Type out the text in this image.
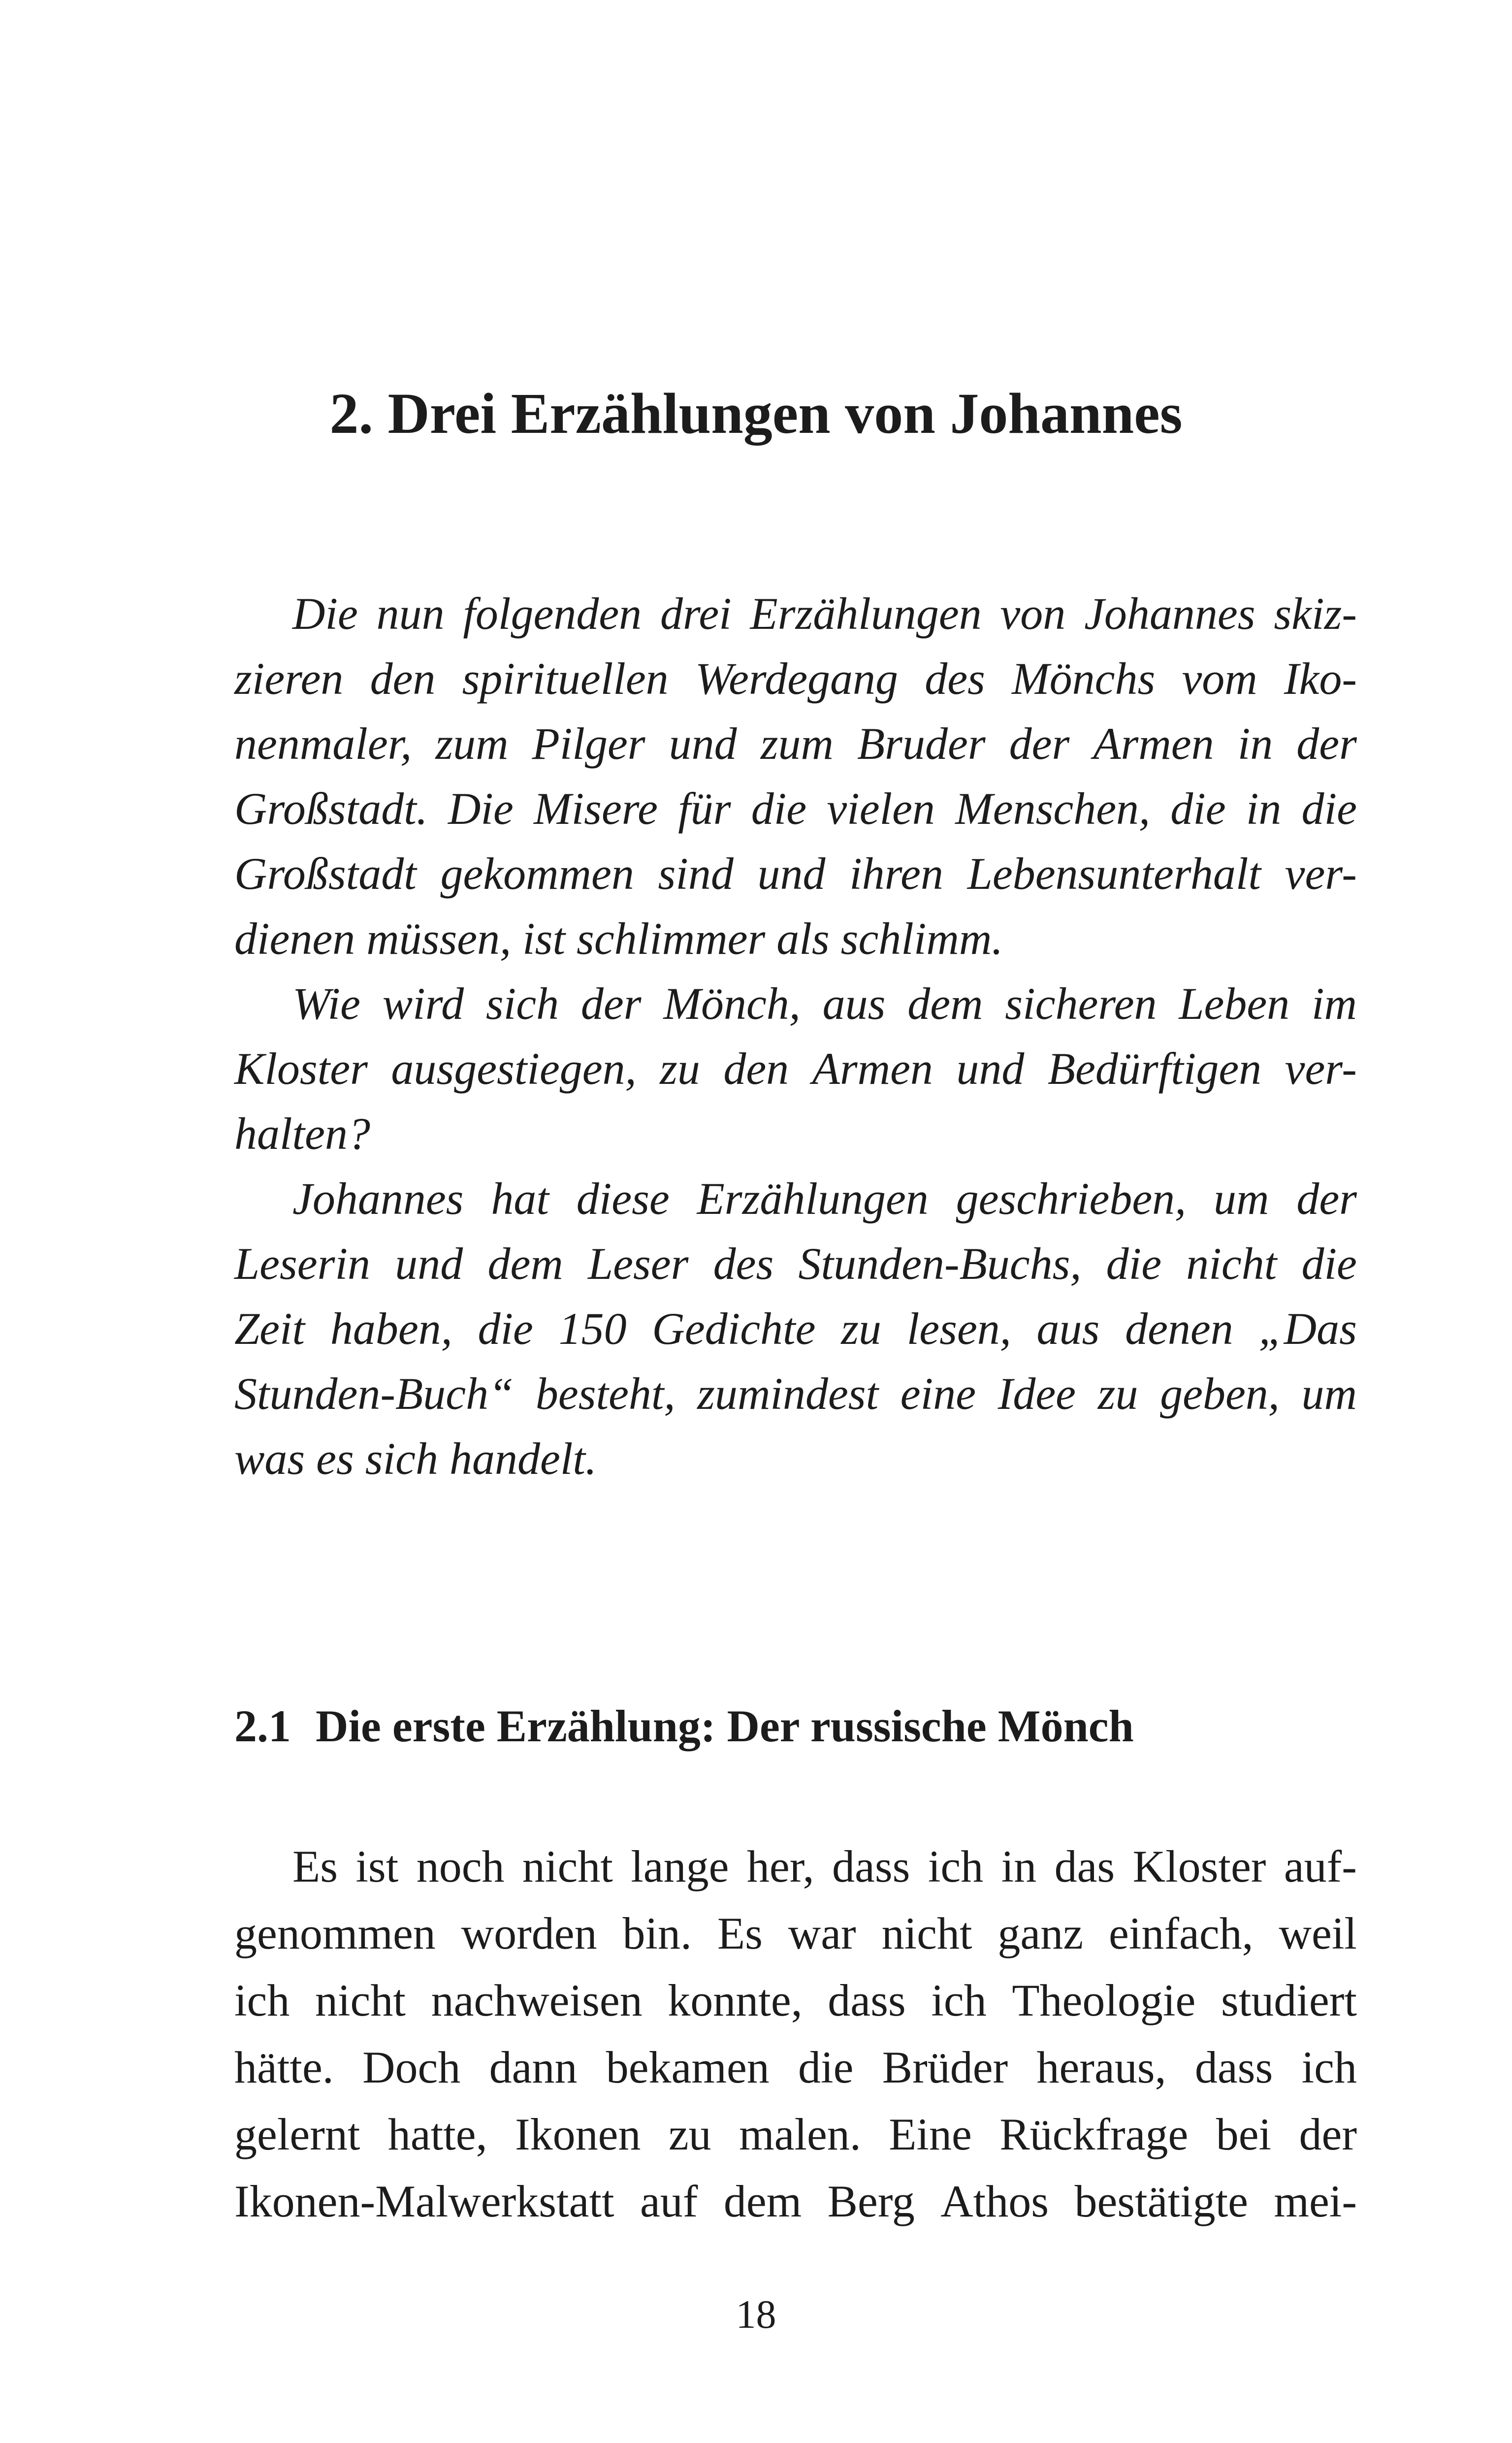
2. Drei Erzählungen von Johannes
Die nun folgenden drei Erzählungen von Johannes skiz-
zieren den spirituellen Werdegang des Mönchs vom Iko-
nenmaler, zum Pilger und zum Bruder der Armen in der
Großstadt. Die Misere für die vielen Menschen, die in die
Großstadt gekommen sind und ihren Lebensunterhalt ver-
dienen müssen, ist schlimmer als schlimm.
Wie wird sich der Mönch, aus dem sicheren Leben im
Kloster ausgestiegen, zu den Armen und Bedürftigen ver-
halten?
Johannes hat diese Erzählungen geschrieben, um der
Leserin und dem Leser des Stunden-Buchs, die nicht die
Zeit haben, die 150 Gedichte zu lesen, aus denen „Das
Stunden-Buch“ besteht, zumindest eine Idee zu geben, um
was es sich handelt.
2.1 Die erste Erzählung: Der russische Mönch
Es ist noch nicht lange her, dass ich in das Kloster auf-
genommen worden bin. Es war nicht ganz einfach, weil
ich nicht nachweisen konnte, dass ich Theologie studiert
hätte. Doch dann bekamen die Brüder heraus, dass ich
gelernt hatte, Ikonen zu malen. Eine Rückfrage bei der
Ikonen-Malwerkstatt auf dem Berg Athos bestätigte mei-
18
